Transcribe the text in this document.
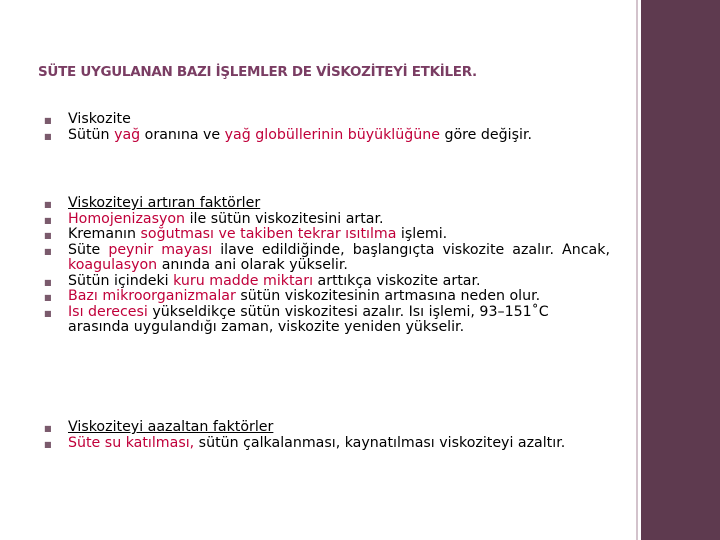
SÜTE UYGULANAN BAZI İŞLEMLER DE VİSKOZİTEYİ ETKİLER.
■ Viskozite
■ Sütün yağ oranına ve yağ globüllerinin büyüklüğüne göre değişir.
■ Viskoziteyi artıran faktörler
■ Homojenizasyon ile sütün viskozitesini artar.
■ Kremanın soğutması ve takiben tekrar ısıtılma işlemi.
■ Süte peynir mayası ilave edildiğinde, başlangıçta viskozite azalır. Ancak, koagulasyon anında ani olarak yükselir.
■ Sütün içindeki kuru madde miktarı arttıkça viskozite artar.
■ Bazı mikroorganizmalar sütün viskozitesinin artmasına neden olur.
■ Isı derecesi yükseldikçe sütün viskozitesi azalır. Isı işlemi, 93–151˚C arasında uygulandığı zaman, viskozite yeniden yükselir.
■ Viskoziteyi aazaltan faktörler
■ Süte su katılması, sütün çalkalanması, kaynatılması viskoziteyi azaltır.
